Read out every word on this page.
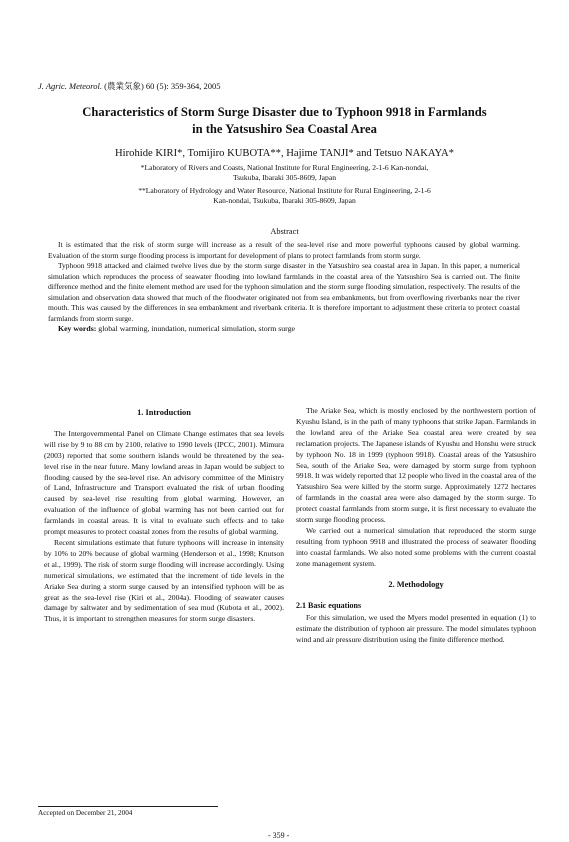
J. Agric. Meteorol. (農業気象) 60 (5): 359-364, 2005
Characteristics of Storm Surge Disaster due to Typhoon 9918 in Farmlands
in the Yatsushiro Sea Coastal Area
Hirohide KIRI*, Tomijiro KUBOTA**, Hajime TANJI* and Tetsuo NAKAYA*
*Laboratory of Rivers and Coasts, National Institute for Rural Engineering, 2-1-6 Kan-nondai,
Tsukuba, Ibaraki 305-8609, Japan
**Laboratory of Hydrology and Water Resource, National Institute for Rural Engineering, 2-1-6
Kan-nondai, Tsukuba, Ibaraki 305-8609, Japan
Abstract

It is estimated that the risk of storm surge will increase as a result of the sea-level rise and more powerful typhoons caused by global warming. Evaluation of the storm surge flooding process is important for development of plans to protect farmlands from storm surge.

Typhoon 9918 attacked and claimed twelve lives due by the storm surge disaster in the Yatsushiro sea coastal area in Japan. In this paper, a numerical simulation which reproduces the process of seawater flooding into lowland farmlands in the coastal area of the Yatsushiro Sea is carried out. The finite difference method and the finite element method are used for the typhoon simulation and the storm surge flooding simulation, respectively. The results of the simulation and observation data showed that much of the floodwater originated not from sea embankments, but from overflowing riverbanks near the river mouth. This was caused by the differences in sea embankment and riverbank criteria. It is therefore important to adjustment these criteria to protect coastal farmlands from storm surge.

Key words: global warming, inundation, numerical simulation, storm surge

1. Introduction

The Intergovernmental Panel on Climate Change estimates that sea levels will rise by 9 to 88 cm by 2100, relative to 1990 levels (IPCC, 2001). Mimura (2003) reported that some southern islands would be threatened by the sea-level rise in the near future. Many lowland areas in Japan would be subject to flooding caused by the sea-level rise. An advisory committee of the Ministry of Land, Infrastructure and Transport evaluated the risk of urban flooding caused by sea-level rise resulting from global warming. However, an evaluation of the influence of global warming has not been carried out for farmlands in coastal areas. It is vital to evaluate such effects and to take prompt measures to protect coastal zones from the results of global warming.

Recent simulations estimate that future typhoons will increase in intensity by 10% to 20% because of global warming (Henderson et al., 1998; Knutson et al., 1999). The risk of storm surge flooding will increase accordingly. Using numerical simulations, we estimated that the increment of tide levels in the Ariake Sea during a storm surge caused by an intensified typhoon will be as great as the sea-level rise (Kiri et al., 2004a). Flooding of seawater causes damage by saltwater and by sedimentation of sea mud (Kubota et al., 2002). Thus, it is important to strengthen measures for storm surge disasters.

The Ariake Sea, which is mostly enclosed by the northwestern portion of Kyushu Island, is in the path of many typhoons that strike Japan. Farmlands in the lowland area of the Ariake Sea coastal area were created by sea reclamation projects. The Japanese islands of Kyushu and Honshu were struck by typhoon No. 18 in 1999 (typhoon 9918). Coastal areas of the Yatsushiro Sea, south of the Ariake Sea, were damaged by storm surge from typhoon 9918. It was widely reported that 12 people who lived in the coastal area of the Yatsushiro Sea were killed by the storm surge. Approximately 1272 hectares of farmlands in the coastal area were also damaged by the storm surge. To protect coastal farmlands from storm surge, it is first necessary to evaluate the storm surge flooding process.

We carried out a numerical simulation that reproduced the storm surge resulting from typhoon 9918 and illustrated the process of seawater flooding into coastal farmlands. We also noted some problems with the current coastal zone management system.

2. Methodology
2.1 Basic equations

For this simulation, we used the Myers model presented in equation (1) to estimate the distribution of typhoon air pressure. The model simulates typhoon wind and air pressure distribution using the finite difference method.

Accepted on December 21, 2004
- 359 -
